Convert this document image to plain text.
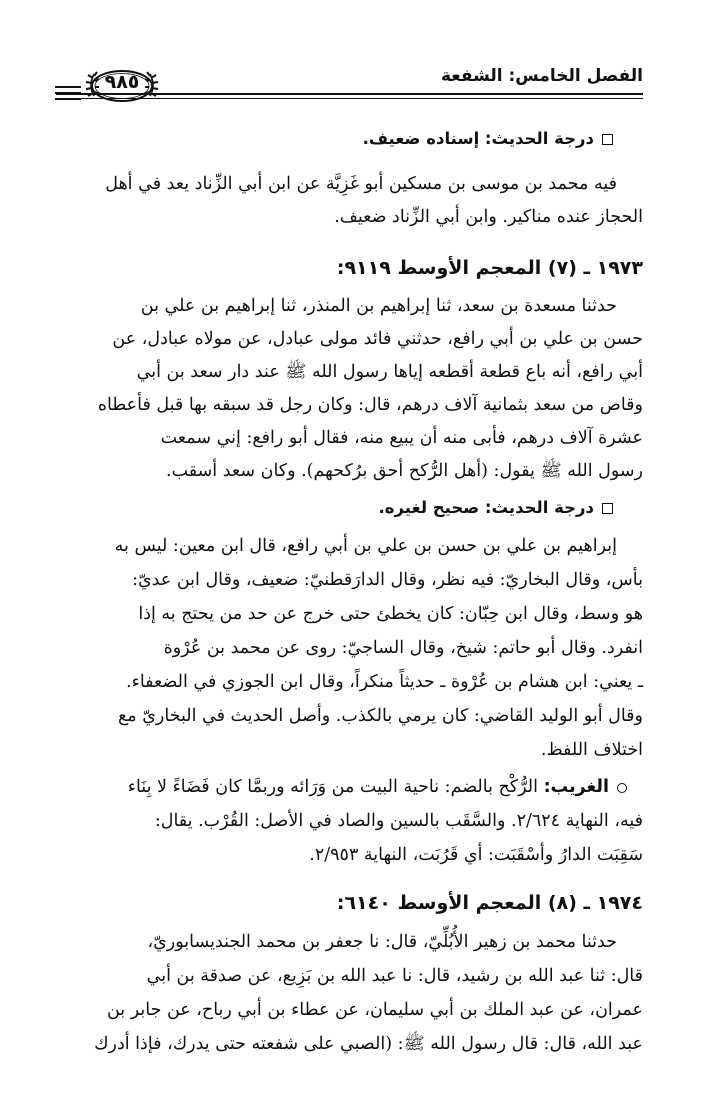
الفصل الخامس: الشفعة
٩٨٥
درجة الحديث: إسناده ضعيف.
فيه محمد بن موسى بن مسكين أبو غَزِيَّة عن ابن أبي الزِّناد يعد في أهل
الحجاز عنده مناكير. وابن أبي الزِّناد ضعيف.
١٩٧٣ ـ (٧) المعجم الأوسط ٩١١٩:
حدثنا مسعدة بن سعد، ثنا إبراهيم بن المنذر، ثنا إبراهيم بن علي بن
حسن بن علي بن أبي رافع، حدثني فائد مولى عبادل، عن مولاه عبادل، عن
أبي رافع، أنه باع قطعة أقطعه إياها رسول الله ﷺ عند دار سعد بن أبي
وقاص من سعد بثمانية آلاف درهم، قال: وكان رجل قد سبقه بها قبل فأعطاه
عشرة آلاف درهم، فأبى منه أن يبيع منه، فقال أبو رافع: إني سمعت
رسول الله ﷺ يقول: (أهل الرُّكح أحق برُكحهم). وكان سعد أسقب.
درجة الحديث: صحيح لغيره.
إبراهيم بن علي بن حسن بن علي بن أبي رافع، قال ابن معين: ليس به
بأس، وقال البخاريّ: فيه نظر، وقال الدارَقطنيّ: ضعيف، وقال ابن عديّ:
هو وسط، وقال ابن حِبّان: كان يخطئ حتى خرج عن حد من يحتج به إذا
انفرد. وقال أبو حاتم: شيخ، وقال الساجيّ: روى عن محمد بن عُرْوة
ـ يعني: ابن هشام بن عُرْوة ـ حديثاً منكراً، وقال ابن الجوزي في الضعفاء.
وقال أبو الوليد القاضي: كان يرمي بالكذب. وأصل الحديث في البخاريّ مع
اختلاف اللفظ.
الغريب: الرُّكْح بالضم: ناحية البيت من وَرَائه وربمَّا كان فَضَاءً لا بِنَاء
فيه، النهاية ٢/٦٢٤. والسَّقَب بالسين والصاد في الأصل: القُرْب. يقال:
سَقِبَت الدارُ وأسْقَبَت: أي قَرُبَت، النهاية ٢/٩٥٣.
١٩٧٤ ـ (٨) المعجم الأوسط ٦١٤٠:
حدثنا محمد بن زهير الأُبُلِّيّ، قال: نا جعفر بن محمد الجنديسابوريّ،
قال: ثنا عبد الله بن رشيد، قال: نا عبد الله بن بَزِيع، عن صدقة بن أبي
عمران، عن عبد الملك بن أبي سليمان، عن عطاء بن أبي رباح، عن جابر بن
عبد الله، قال: قال رسول الله ﷺ: (الصبي على شفعته حتى يدرك، فإذا أدرك
